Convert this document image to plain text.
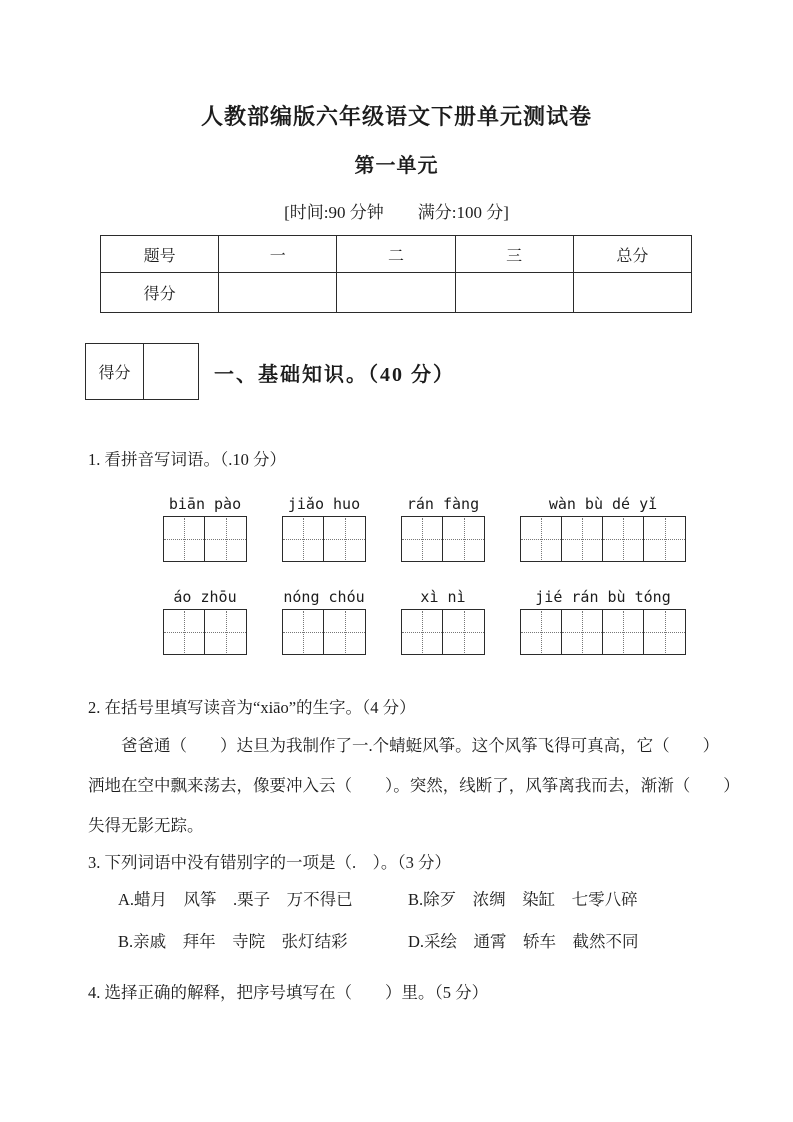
人教部编版六年级语文下册单元测试卷
第一单元
[时间:90 分钟　　满分:100 分]
题号	一	二	三	总分
得分				
得分	一、基础知识。（40 分）
1. 看拼音写词语。（.10 分）
biān pào	jiǎo huo	rán fàng	wàn bù dé yǐ
áo zhōu	nóng chóu	xì nì	jié rán bù tóng
2. 在括号里填写读音为“xiāo”的生字。（4 分）
　　爸爸通（　　）达旦为我制作了一.个蜻蜓风筝。这个风筝飞得可真高，它（　　）
洒地在空中飘来荡去，像要冲入云（　　）。突然，线断了，风筝离我而去，渐渐（　　）
失得无影无踪。
3. 下列词语中没有错别字的一项是（.　）。（3 分）
A.蜡月　风筝　.栗子　万不得已	B.除歹　浓绸　染缸　七零八碎
B.亲戚　拜年　寺院　张灯结彩	D.采绘　通霄　轿车　截然不同
4. 选择正确的解释，把序号填写在（　　）里。（5 分）
